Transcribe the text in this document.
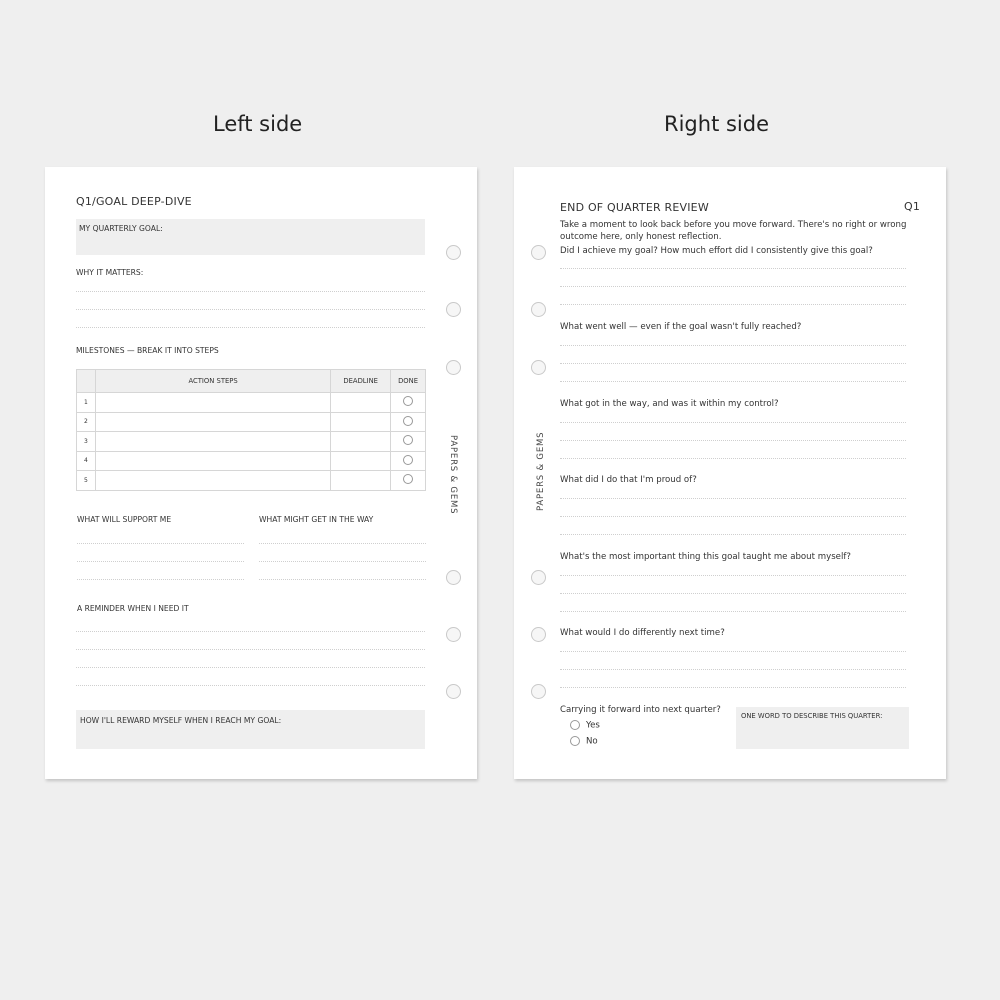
Left side	Right side
Q1/GOAL DEEP-DIVE
MY QUARTERLY GOAL:
WHY IT MATTERS:
MILESTONES — BREAK IT INTO STEPS
	ACTION STEPS	DEADLINE	DONE
1			
2			
3			
4			
5			
WHAT WILL SUPPORT ME	WHAT MIGHT GET IN THE WAY
A REMINDER WHEN I NEED IT
HOW I'LL REWARD MYSELF WHEN I REACH MY GOAL:
PAPERS & GEMS
END OF QUARTER REVIEW	Q1
Take a moment to look back before you move forward. There's no right or wrong outcome here, only honest reflection.
Did I achieve my goal? How much effort did I consistently give this goal?
What went well — even if the goal wasn't fully reached?
What got in the way, and was it within my control?
What did I do that I'm proud of?
What's the most important thing this goal taught me about myself?
What would I do differently next time?
Carrying it forward into next quarter?
Yes
No
ONE WORD TO DESCRIBE THIS QUARTER:
PAPERS & GEMS
